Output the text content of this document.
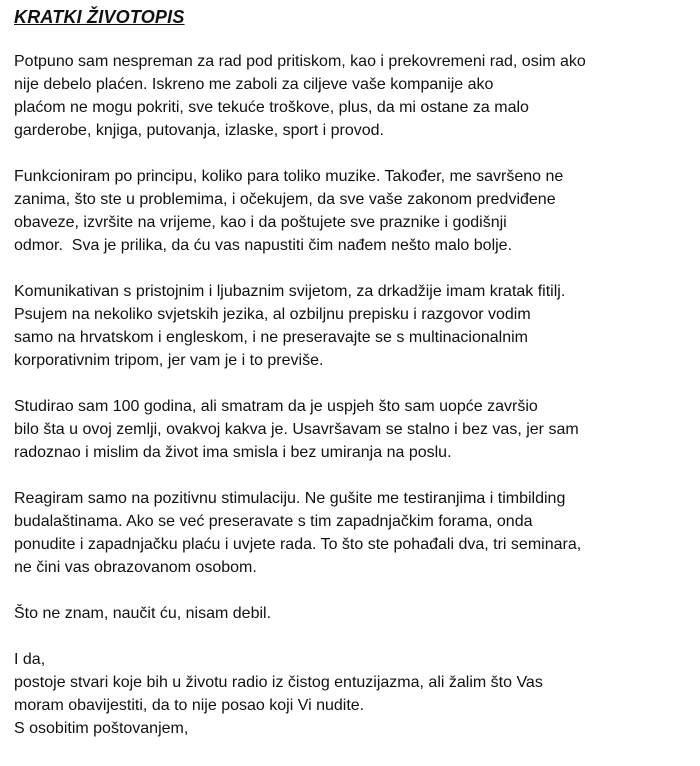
KRATKI ŽIVOTOPIS
Potpuno sam nespreman za rad pod pritiskom, kao i prekovremeni rad, osim ako
nije debelo plaćen. Iskreno me zaboli za ciljeve vaše kompanije ako
plaćom ne mogu pokriti, sve tekuće troškove, plus, da mi ostane za malo
garderobe, knjiga, putovanja, izlaske, sport i provod.
Funkcioniram po principu, koliko para toliko muzike. Također, me savršeno ne
zanima, što ste u problemima, i očekujem, da sve vaše zakonom predviđene
obaveze, izvršite na vrijeme, kao i da poštujete sve praznike i godišnji
odmor.  Sva je prilika, da ću vas napustiti čim nađem nešto malo bolje.
Komunikativan s pristojnim i ljubaznim svijetom, za drkadžije imam kratak fitilj.
Psujem na nekoliko svjetskih jezika, al ozbiljnu prepisku i razgovor vodim
samo na hrvatskom i engleskom, i ne preseravajte se s multinacionalnim
korporativnim tripom, jer vam je i to previše.
Studirao sam 100 godina, ali smatram da je uspjeh što sam uopće završio
bilo šta u ovoj zemlji, ovakvoj kakva je. Usavršavam se stalno i bez vas, jer sam
radoznao i mislim da život ima smisla i bez umiranja na poslu.
Reagiram samo na pozitivnu stimulaciju. Ne gušite me testiranjima i timbilding
budalaštinama. Ako se već preseravate s tim zapadnjačkim forama, onda
ponudite i zapadnjačku plaću i uvjete rada. To što ste pohađali dva, tri seminara,
ne čini vas obrazovanom osobom.
Što ne znam, naučit ću, nisam debil.
I da,
postoje stvari koje bih u životu radio iz čistog entuzijazma, ali žalim što Vas
moram obavijestiti, da to nije posao koji Vi nudite.
S osobitim poštovanjem,
